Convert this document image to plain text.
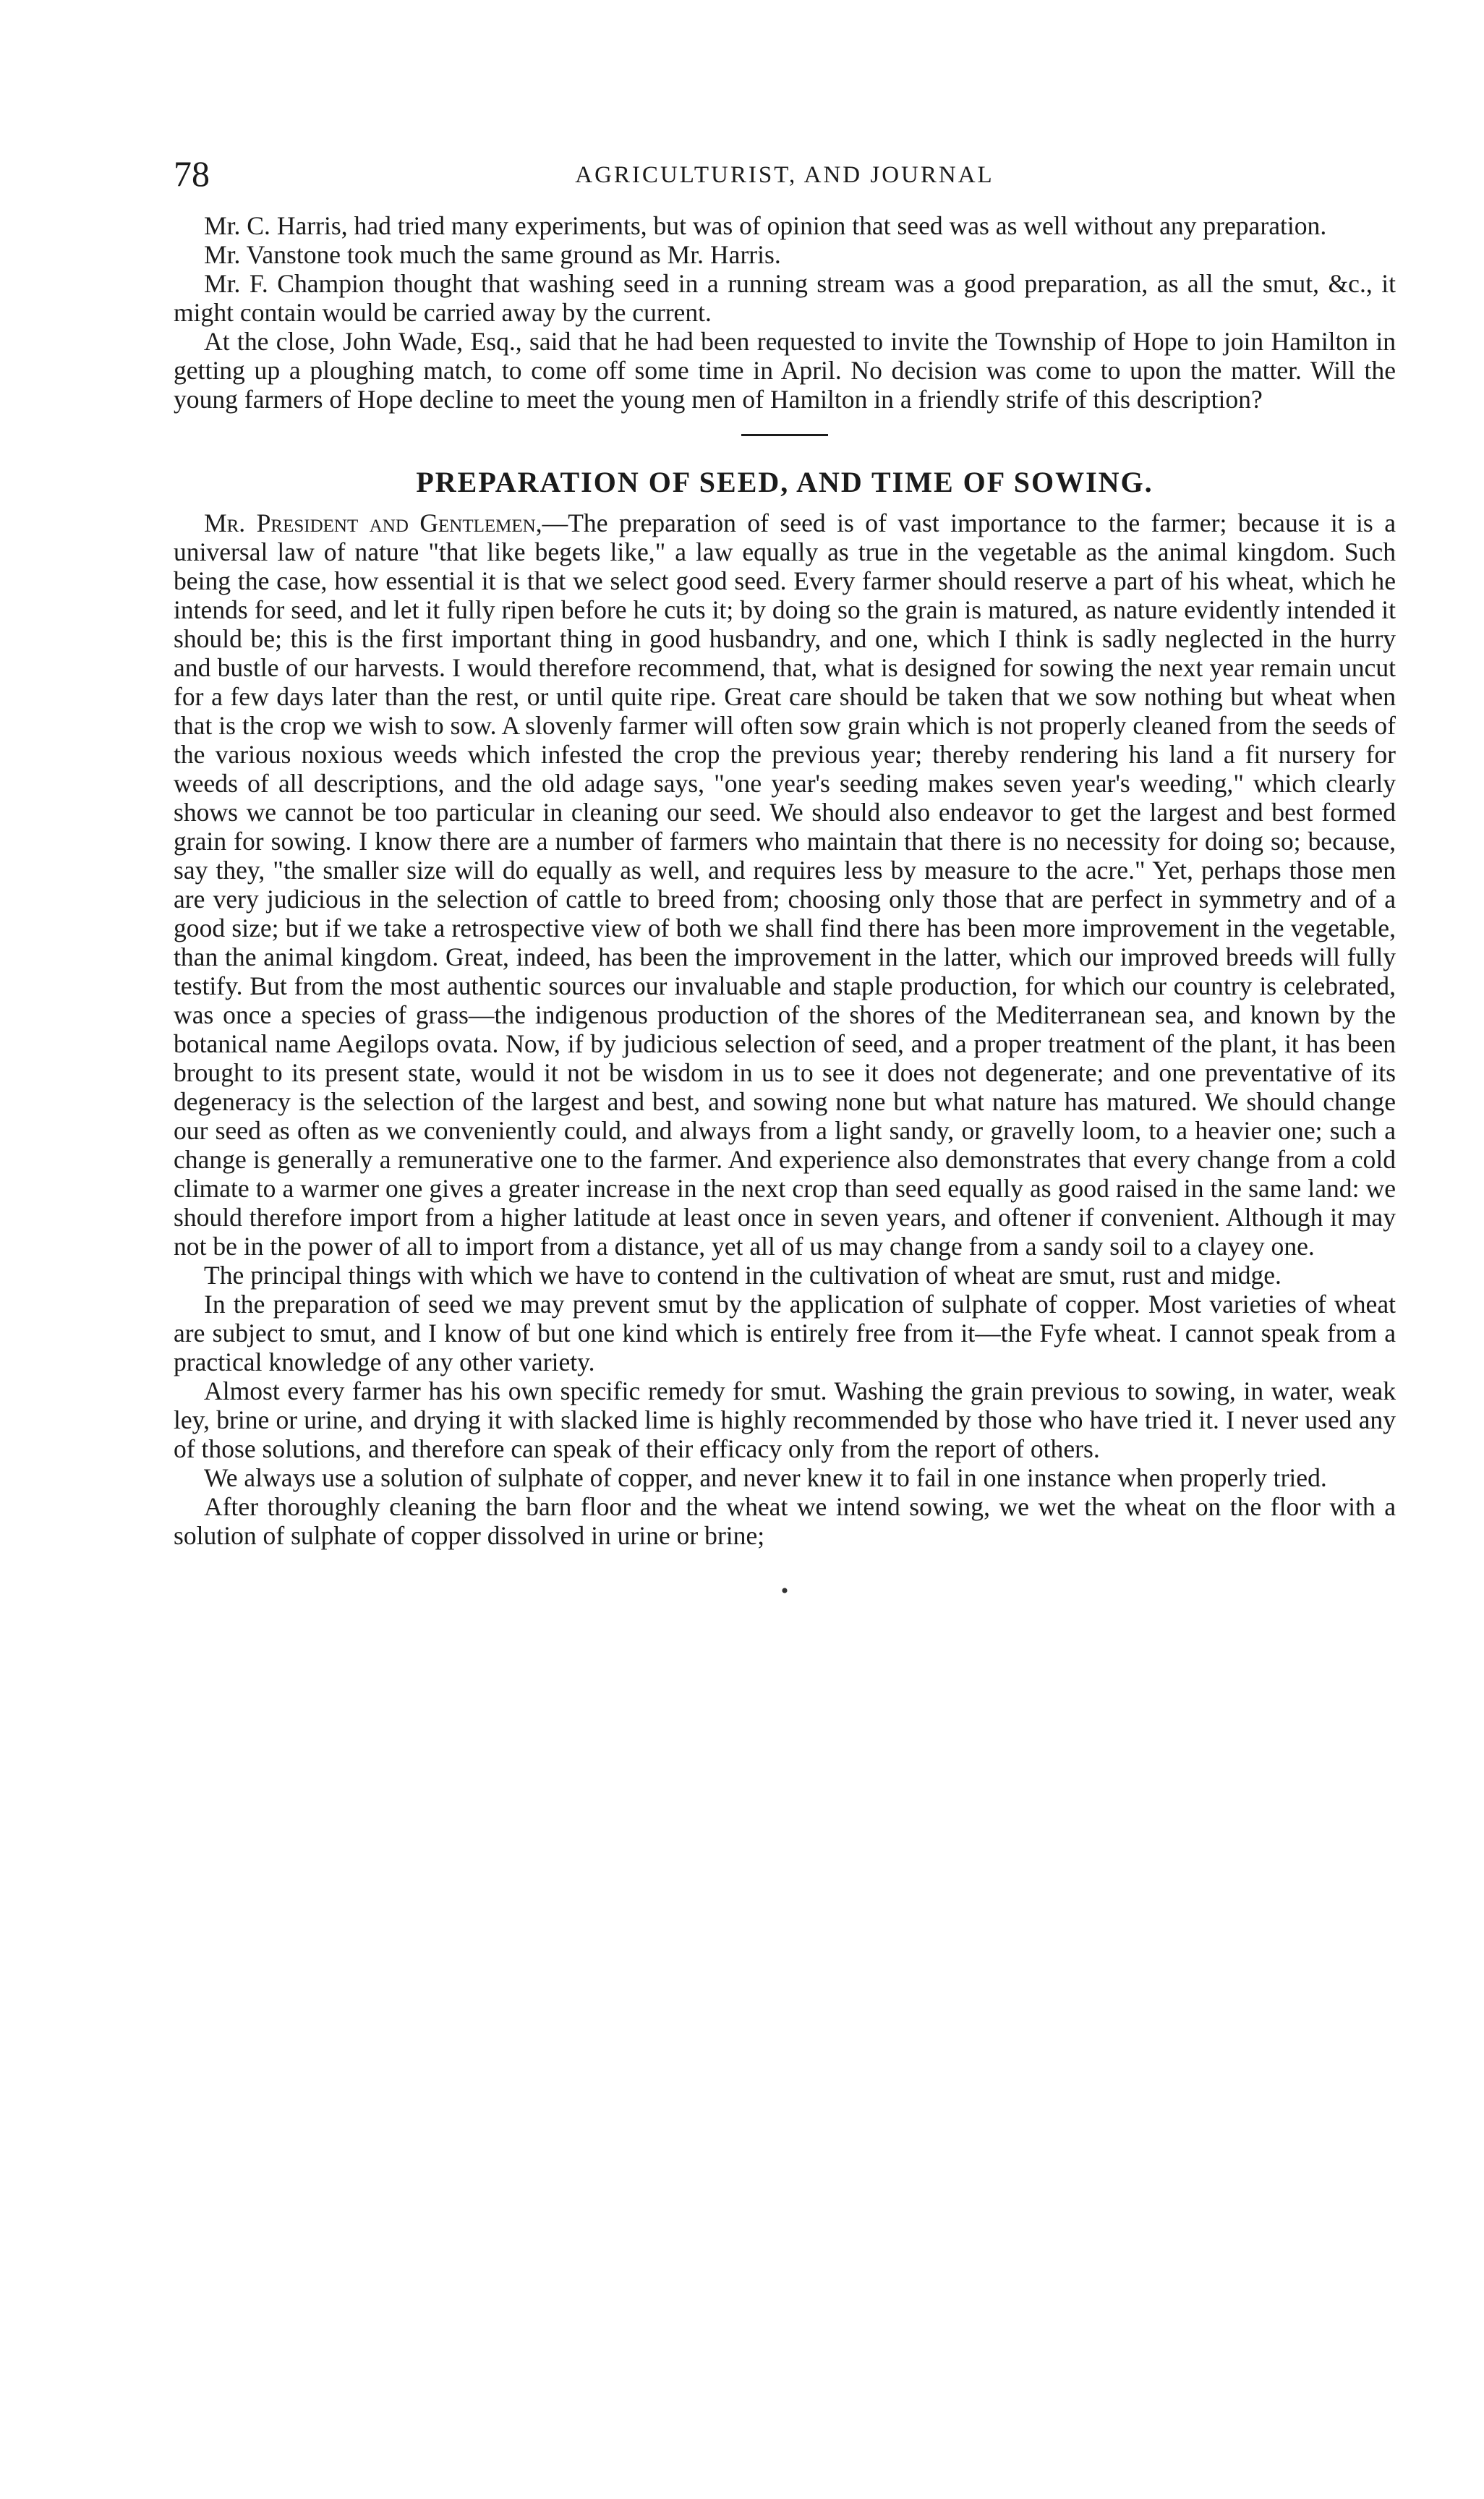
78	AGRICULTURIST, AND JOURNAL

Mr. C. Harris, had tried many experiments, but was of opinion that seed was as well without any preparation.

Mr. Vanstone took much the same ground as Mr. Harris.

Mr. F. Champion thought that washing seed in a running stream was a good preparation, as all the smut, &c., it might contain would be carried away by the current.

At the close, John Wade, Esq., said that he had been requested to invite the Township of Hope to join Hamilton in getting up a ploughing match, to come off some time in April. No decision was come to upon the matter. Will the young farmers of Hope decline to meet the young men of Hamilton in a friendly strife of this description?

PREPARATION OF SEED, AND TIME OF SOWING.

Mr. President and Gentlemen,—The preparation of seed is of vast importance to the farmer; because it is a universal law of nature "that like begets like," a law equally as true in the vegetable as the animal kingdom. Such being the case, how essential it is that we select good seed. Every farmer should reserve a part of his wheat, which he intends for seed, and let it fully ripen before he cuts it; by doing so the grain is matured, as nature evidently intended it should be; this is the first important thing in good husbandry, and one, which I think is sadly neglected in the hurry and bustle of our harvests. I would therefore recommend, that, what is designed for sowing the next year remain uncut for a few days later than the rest, or until quite ripe. Great care should be taken that we sow nothing but wheat when that is the crop we wish to sow. A slovenly farmer will often sow grain which is not properly cleaned from the seeds of the various noxious weeds which infested the crop the previous year; thereby rendering his land a fit nursery for weeds of all descriptions, and the old adage says, "one year's seeding makes seven year's weeding," which clearly shows we cannot be too particular in cleaning our seed. We should also endeavor to get the largest and best formed grain for sowing. I know there are a number of farmers who maintain that there is no necessity for doing so; because, say they, "the smaller size will do equally as well, and requires less by measure to the acre." Yet, perhaps those men are very judicious in the selection of cattle to breed from; choosing only those that are perfect in symmetry and of a good size; but if we take a retrospective view of both we shall find there has been more improvement in the vegetable, than the animal kingdom. Great, indeed, has been the improvement in the latter, which our improved breeds will fully testify. But from the most authentic sources our invaluable and staple production, for which our country is celebrated, was once a species of grass—the indigenous production of the shores of the Mediterranean sea, and known by the botanical name Aegilops ovata. Now, if by judicious selection of seed, and a proper treatment of the plant, it has been brought to its present state, would it not be wisdom in us to see it does not degenerate; and one preventative of its degeneracy is the selection of the largest and best, and sowing none but what nature has matured. We should change our seed as often as we conveniently could, and always from a light sandy, or gravelly loom, to a heavier one; such a change is generally a remunerative one to the farmer. And experience also demonstrates that every change from a cold climate to a warmer one gives a greater increase in the next crop than seed equally as good raised in the same land: we should therefore import from a higher latitude at least once in seven years, and oftener if convenient. Although it may not be in the power of all to import from a distance, yet all of us may change from a sandy soil to a clayey one.

The principal things with which we have to contend in the cultivation of wheat are smut, rust and midge.

In the preparation of seed we may prevent smut by the application of sulphate of copper. Most varieties of wheat are subject to smut, and I know of but one kind which is entirely free from it—the Fyfe wheat. I cannot speak from a practical knowledge of any other variety.

Almost every farmer has his own specific remedy for smut. Washing the grain previous to sowing, in water, weak ley, brine or urine, and drying it with slacked lime is highly recommended by those who have tried it. I never used any of those solutions, and therefore can speak of their efficacy only from the report of others.

We always use a solution of sulphate of copper, and never knew it to fail in one instance when properly tried.

After thoroughly cleaning the barn floor and the wheat we intend sowing, we wet the wheat on the floor with a solution of sulphate of copper dissolved in urine or brine;

•
